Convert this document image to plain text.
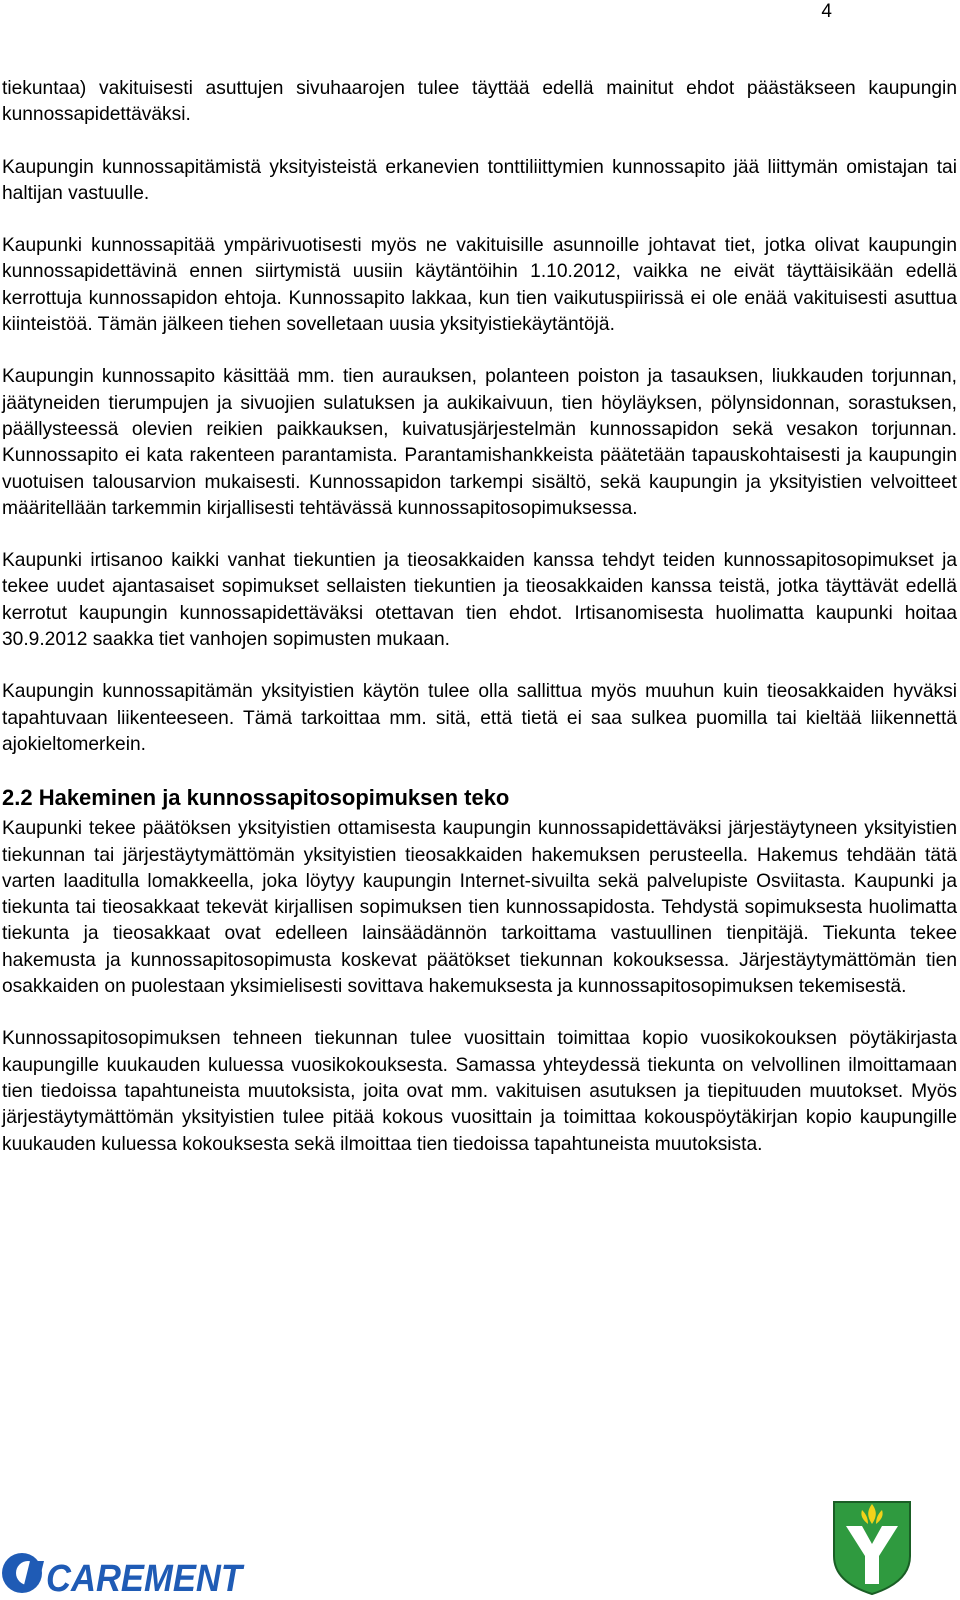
4

tiekuntaa) vakituisesti asuttujen sivuhaarojen tulee täyttää edellä mainitut ehdot päästäkseen kaupungin kunnossapidettäväksi.

Kaupungin kunnossapitämistä yksityisteistä erkanevien tonttiliittymien kunnossapito jää liittymän omistajan tai haltijan vastuulle.

Kaupunki kunnossapitää ympärivuotisesti myös ne vakituisille asunnoille johtavat tiet, jotka olivat kaupungin kunnossapidettävinä ennen siirtymistä uusiin käytäntöihin 1.10.2012, vaikka ne eivät täyttäisikään edellä kerrottuja kunnossapidon ehtoja. Kunnossapito lakkaa, kun tien vaikutuspiirissä ei ole enää vakituisesti asuttua kiinteistöä. Tämän jälkeen tiehen sovelletaan uusia yksityistiekäytäntöjä.

Kaupungin kunnossapito käsittää mm. tien aurauksen, polanteen poiston ja tasauksen, liukkauden torjunnan, jäätyneiden tierumpujen ja sivuojien sulatuksen ja aukikaivuun, tien höyläyksen, pölynsidonnan, sorastuksen, päällysteessä olevien reikien paikkauksen, kuivatusjärjestelmän kunnossapidon sekä vesakon torjunnan. Kunnossapito ei kata rakenteen parantamista. Parantamishankkeista päätetään tapauskohtaisesti ja kaupungin vuotuisen talousarvion mukaisesti. Kunnossapidon tarkempi sisältö, sekä kaupungin ja yksityistien velvoitteet määritellään tarkemmin kirjallisesti tehtävässä kunnossapitosopimuksessa.

Kaupunki irtisanoo kaikki vanhat tiekuntien ja tieosakkaiden kanssa tehdyt teiden kunnossapitosopimukset ja tekee uudet ajantasaiset sopimukset sellaisten tiekuntien ja tieosakkaiden kanssa teistä, jotka täyttävät edellä kerrotut kaupungin kunnossapidettäväksi otettavan tien ehdot. Irtisanomisesta huolimatta kaupunki hoitaa 30.9.2012 saakka tiet vanhojen sopimusten mukaan.

Kaupungin kunnossapitämän yksityistien käytön tulee olla sallittua myös muuhun kuin tieosakkaiden hyväksi tapahtuvaan liikenteeseen. Tämä tarkoittaa mm. sitä, että tietä ei saa sulkea puomilla tai kieltää liikennettä ajokieltomerkein.

2.2 Hakeminen ja kunnossapitosopimuksen teko

Kaupunki tekee päätöksen yksityistien ottamisesta kaupungin kunnossapidettäväksi järjestäytyneen yksityistien tiekunnan tai järjestäytymättömän yksityistien tieosakkaiden hakemuksen perusteella. Hakemus tehdään tätä varten laaditulla lomakkeella, joka löytyy kaupungin Internet-sivuilta sekä palvelupiste Osviitasta. Kaupunki ja tiekunta tai tieosakkaat tekevät kirjallisen sopimuksen tien kunnossapidosta. Tehdystä sopimuksesta huolimatta tiekunta ja tieosakkaat ovat edelleen lainsäädännön tarkoittama vastuullinen tienpitäjä. Tiekunta tekee hakemusta ja kunnossapitosopimusta koskevat päätökset tiekunnan kokouksessa. Järjestäytymättömän tien osakkaiden on puolestaan yksimielisesti sovittava hakemuksesta ja kunnossapitosopimuksen tekemisestä.

Kunnossapitosopimuksen tehneen tiekunnan tulee vuosittain toimittaa kopio vuosikokouksen pöytäkirjasta kaupungille kuukauden kuluessa vuosikokouksesta. Samassa yhteydessä tiekunta on velvollinen ilmoittamaan tien tiedoissa tapahtuneista muutoksista, joita ovat mm. vakituisen asutuksen ja tiepituuden muutokset. Myös järjestäytymättömän yksityistien tulee pitää kokous vuosittain ja toimittaa kokouspöytäkirjan kopio kaupungille kuukauden kuluessa kokouksesta sekä ilmoittaa tien tiedoissa tapahtuneista muutoksista.

CAREMENT
